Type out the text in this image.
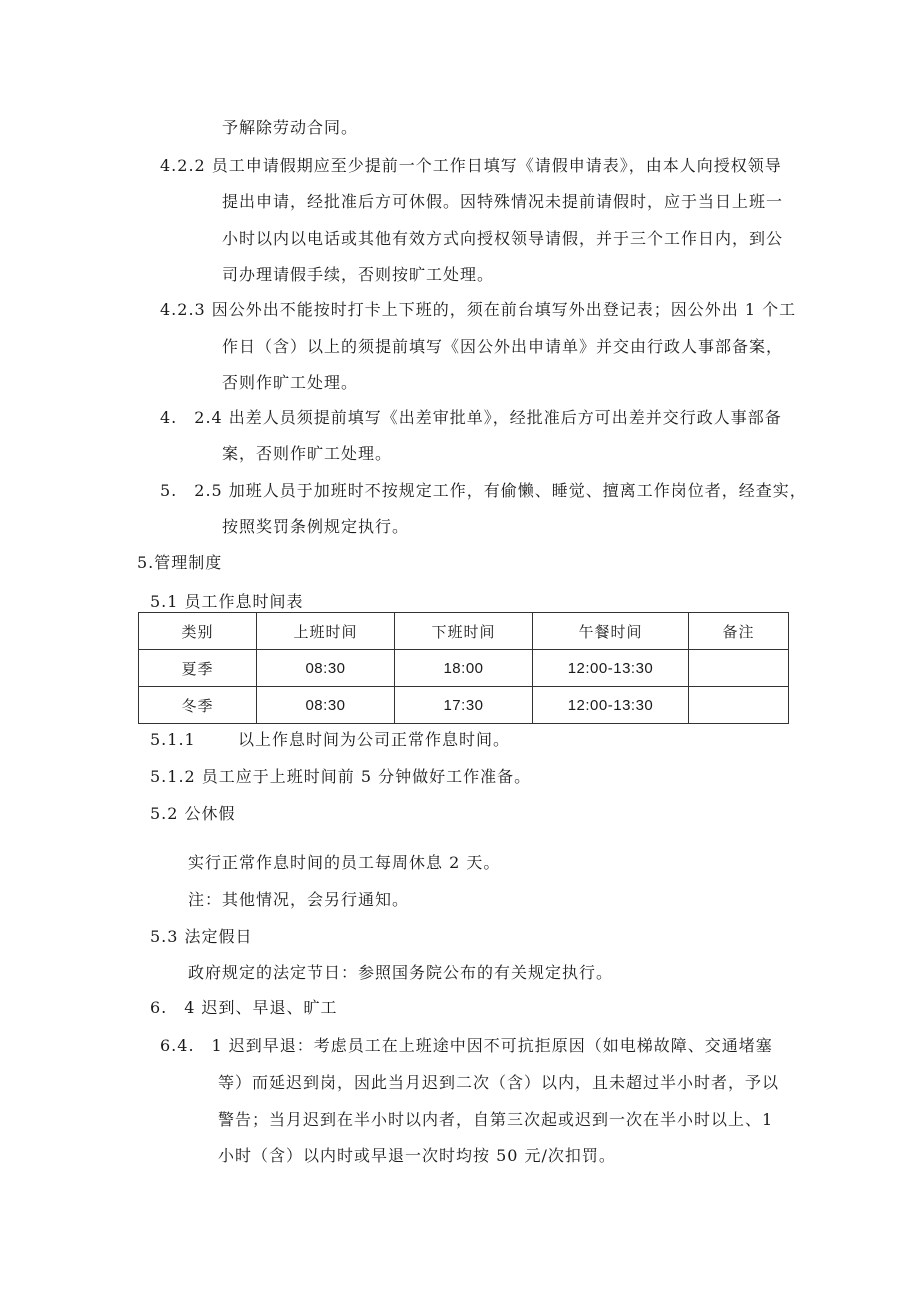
予解除劳动合同。
4.2.2 员工申请假期应至少提前一个工作日填写《请假申请表》，由本人向授权领导
提出申请，经批准后方可休假。因特殊情况未提前请假时，应于当日上班一
小时以内以电话或其他有效方式向授权领导请假，并于三个工作日内，到公
司办理请假手续，否则按旷工处理。
4.2.3 因公外出不能按时打卡上下班的，须在前台填写外出登记表；因公外出 1 个工
作日（含）以上的须提前填写《因公外出申请单》并交由行政人事部备案，
否则作旷工处理。
4.　2.4 出差人员须提前填写《出差审批单》，经批准后方可出差并交行政人事部备
案，否则作旷工处理。
5.　2.5 加班人员于加班时不按规定工作，有偷懒、睡觉、擅离工作岗位者，经查实，
按照奖罚条例规定执行。
5.管理制度
5.1 员工作息时间表
类别	上班时间	下班时间	午餐时间	备注
夏季	08:30	18:00	12:00-13:30	
冬季	08:30	17:30	12:00-13:30	
5.1.1	以上作息时间为公司正常作息时间。
5.1.2 员工应于上班时间前 5 分钟做好工作准备。
5.2 公休假
实行正常作息时间的员工每周休息 2 天。
注：其他情况，会另行通知。
5.3 法定假日
政府规定的法定节日：参照国务院公布的有关规定执行。
6.　4 迟到、早退、旷工
6.4.　1 迟到早退：考虑员工在上班途中因不可抗拒原因（如电梯故障、交通堵塞
等）而延迟到岗，因此当月迟到二次（含）以内，且未超过半小时者，予以
警告；当月迟到在半小时以内者，自第三次起或迟到一次在半小时以上、1
小时（含）以内时或早退一次时均按 50 元/次扣罚。
